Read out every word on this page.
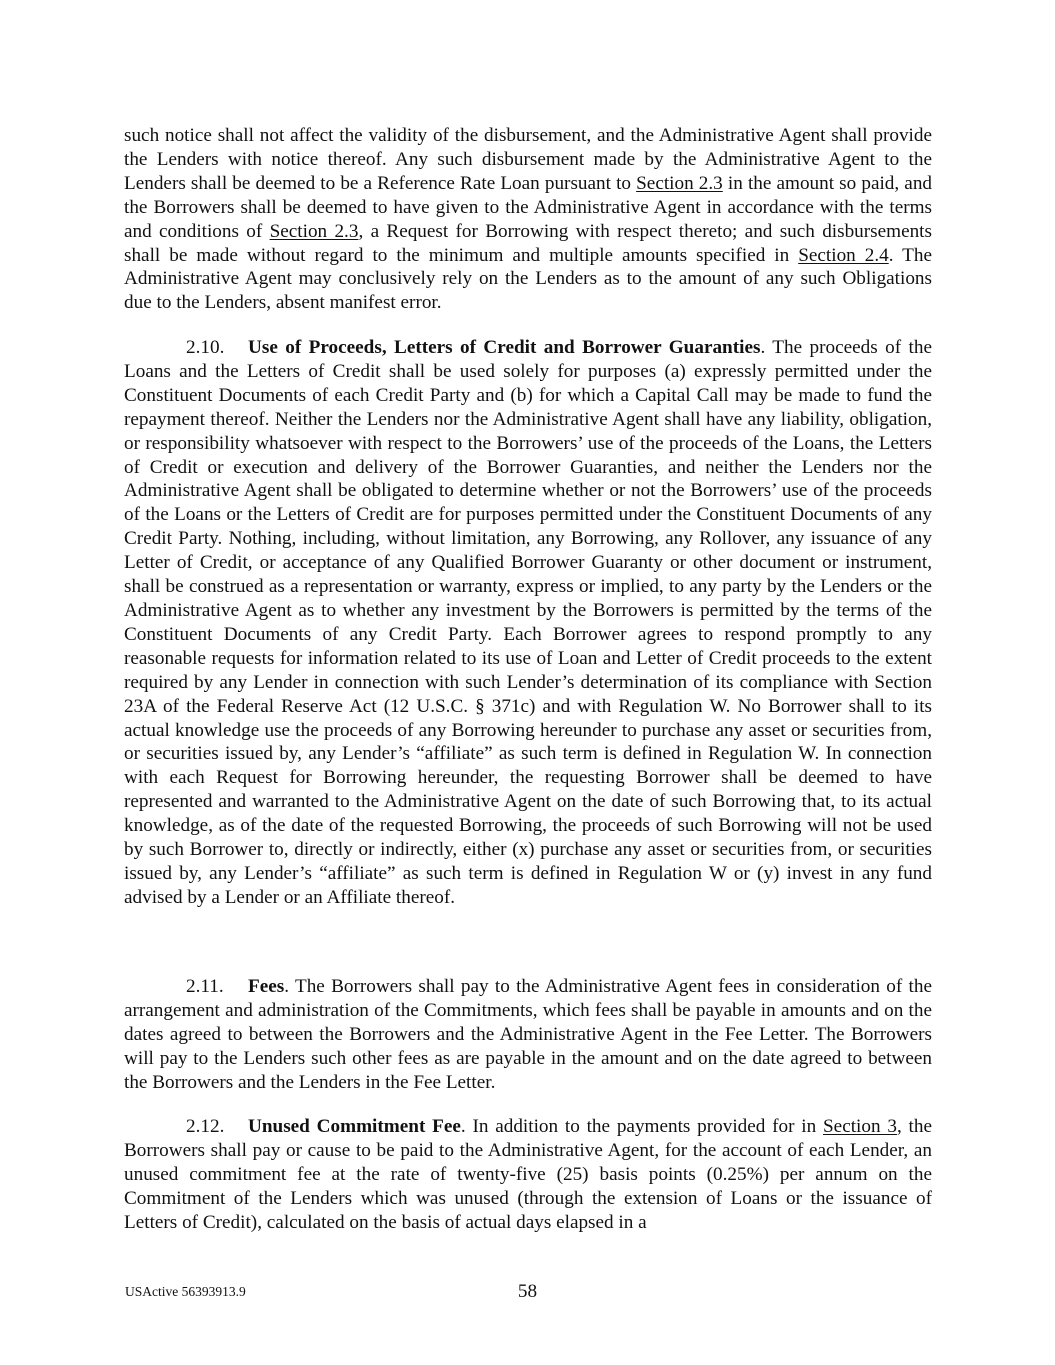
such notice shall not affect the validity of the disbursement, and the Administrative Agent shall provide the Lenders with notice thereof. Any such disbursement made by the Administrative Agent to the Lenders shall be deemed to be a Reference Rate Loan pursuant to Section 2.3 in the amount so paid, and the Borrowers shall be deemed to have given to the Administrative Agent in accordance with the terms and conditions of Section 2.3, a Request for Borrowing with respect thereto; and such disbursements shall be made without regard to the minimum and multiple amounts specified in Section 2.4. The Administrative Agent may conclusively rely on the Lenders as to the amount of any such Obligations due to the Lenders, absent manifest error.

2.10. Use of Proceeds, Letters of Credit and Borrower Guaranties. The proceeds of the Loans and the Letters of Credit shall be used solely for purposes (a) expressly permitted under the Constituent Documents of each Credit Party and (b) for which a Capital Call may be made to fund the repayment thereof. Neither the Lenders nor the Administrative Agent shall have any liability, obligation, or responsibility whatsoever with respect to the Borrowers’ use of the proceeds of the Loans, the Letters of Credit or execution and delivery of the Borrower Guaranties, and neither the Lenders nor the Administrative Agent shall be obligated to determine whether or not the Borrowers’ use of the proceeds of the Loans or the Letters of Credit are for purposes permitted under the Constituent Documents of any Credit Party. Nothing, including, without limitation, any Borrowing, any Rollover, any issuance of any Letter of Credit, or acceptance of any Qualified Borrower Guaranty or other document or instrument, shall be construed as a representation or warranty, express or implied, to any party by the Lenders or the Administrative Agent as to whether any investment by the Borrowers is permitted by the terms of the Constituent Documents of any Credit Party. Each Borrower agrees to respond promptly to any reasonable requests for information related to its use of Loan and Letter of Credit proceeds to the extent required by any Lender in connection with such Lender’s determination of its compliance with Section 23A of the Federal Reserve Act (12 U.S.C. § 371c) and with Regulation W. No Borrower shall to its actual knowledge use the proceeds of any Borrowing hereunder to purchase any asset or securities from, or securities issued by, any Lender’s “affiliate” as such term is defined in Regulation W. In connection with each Request for Borrowing hereunder, the requesting Borrower shall be deemed to have represented and warranted to the Administrative Agent on the date of such Borrowing that, to its actual knowledge, as of the date of the requested Borrowing, the proceeds of such Borrowing will not be used by such Borrower to, directly or indirectly, either (x) purchase any asset or securities from, or securities issued by, any Lender’s “affiliate” as such term is defined in Regulation W or (y) invest in any fund advised by a Lender or an Affiliate thereof.

2.11. Fees. The Borrowers shall pay to the Administrative Agent fees in consideration of the arrangement and administration of the Commitments, which fees shall be payable in amounts and on the dates agreed to between the Borrowers and the Administrative Agent in the Fee Letter. The Borrowers will pay to the Lenders such other fees as are payable in the amount and on the date agreed to between the Borrowers and the Lenders in the Fee Letter.

2.12. Unused Commitment Fee. In addition to the payments provided for in Section 3, the Borrowers shall pay or cause to be paid to the Administrative Agent, for the account of each Lender, an unused commitment fee at the rate of twenty-five (25) basis points (0.25%) per annum on the Commitment of the Lenders which was unused (through the extension of Loans or the issuance of Letters of Credit), calculated on the basis of actual days elapsed in a

USActive 56393913.9	58
